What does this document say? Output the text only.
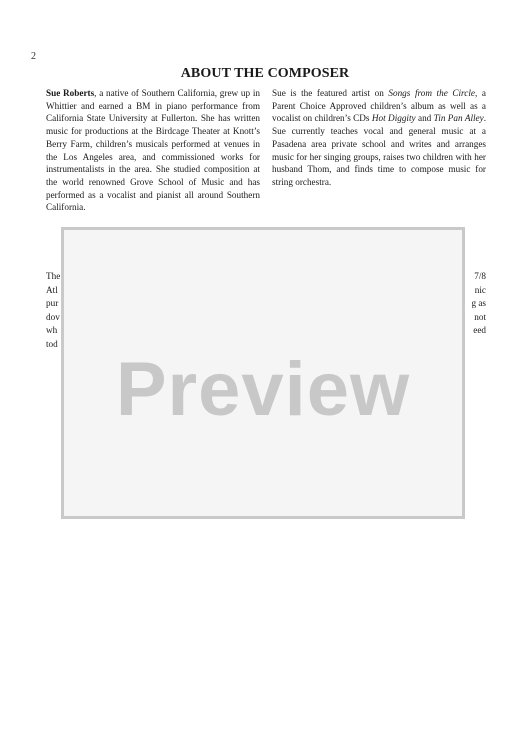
2
ABOUT THE COMPOSER

Sue Roberts, a native of Southern California, grew up in Whittier and earned a BM in piano performance from California State University at Fullerton. She has written music for productions at the Birdcage Theater at Knott’s Berry Farm, children’s musicals performed at venues in the Los Angeles area, and commissioned works for instrumentalists in the area. She studied composition at the world renowned Grove School of Music and has performed as a vocalist and pianist all around Southern California.

Sue is the featured artist on Songs from the Circle, a Parent Choice Approved children’s album as well as a vocalist on children’s CDs Hot Diggity and Tin Pan Alley. Sue currently teaches vocal and general music at a Pasadena area private school and writes and arranges music for her singing groups, raises two children with her husband Thom, and finds time to compose music for string orchestra.

The
Atl
pur
dov
wh
tod
7/8
nic
g as
not
eed
Preview
